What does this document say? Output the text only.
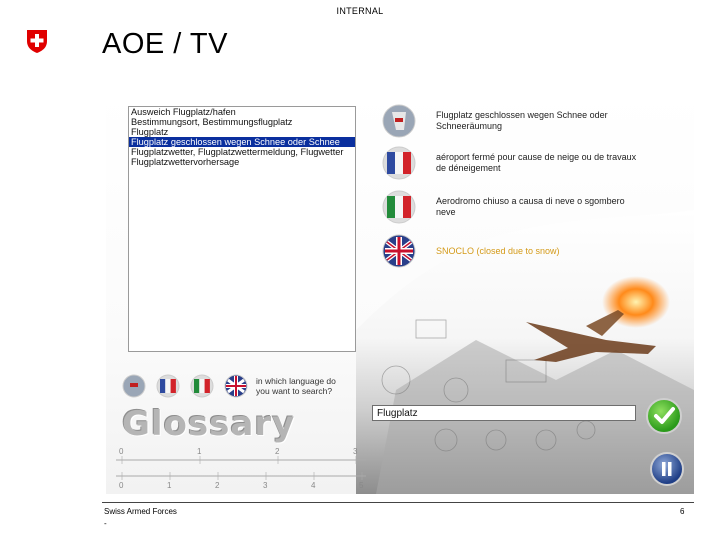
INTERNAL
AOE / TV
Ausweich Flugplatz/hafen
Bestimmungsort, Bestimmungsflugplatz
Flugplatz
Flugplatz geschlossen wegen Schnee oder Schnee
Flugplatzwetter, Flugplatzwettermeldung, Flugwetter
Flugplatzwettervorhersage
Flugplatz geschlossen wegen Schnee oder Schneeräumung
aéroport fermé pour cause de neige ou de travaux de déneigement
Aerodromo chiuso a causa di neve o sgombero neve
SNOCLO (closed due to snow)
in which language do you want to search?
Glossary
0	1	2	3
0	1	2	3	4	5
Flugplatz
Swiss Armed Forces
-
6
